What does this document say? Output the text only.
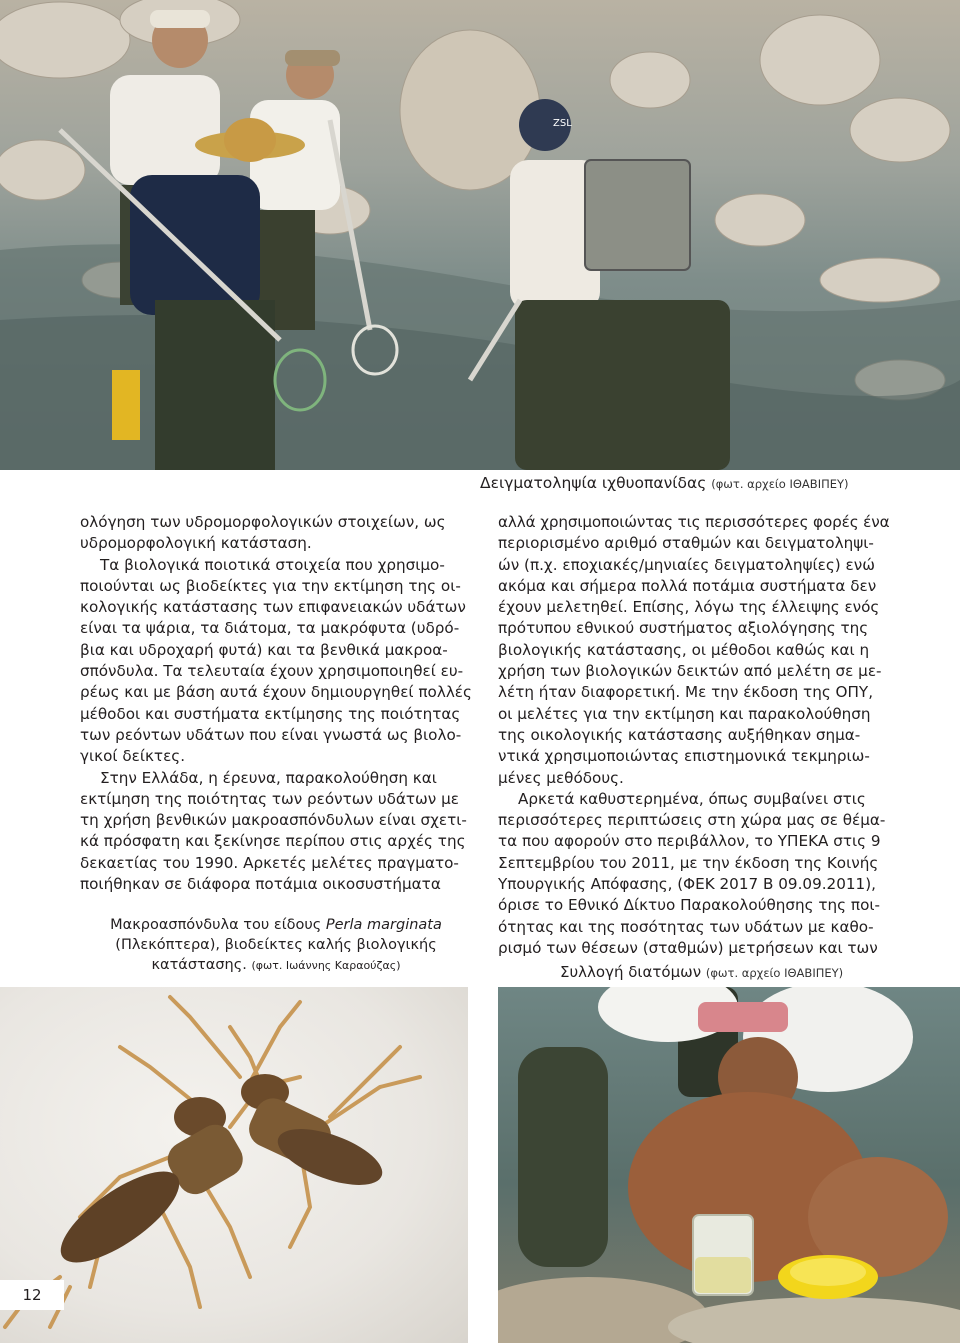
ZSL
Δειγματοληψία ιχθυοπανίδας (φωτ. αρχείο ΙΘΑΒΙΠΕΥ)
ολόγηση των υδρομορφολογικών στοιχείων, ως
υδρομορφολογική κατάσταση.
Τα βιολογικά ποιοτικά στοιχεία που χρησιμο-
ποιούνται ως βιοδείκτες για την εκτίμηση της οι-
κολογικής κατάστασης των επιφανειακών υδάτων
είναι τα ψάρια, τα διάτομα, τα μακρόφυτα (υδρό-
βια και υδροχαρή φυτά) και τα βενθικά μακροα-
σπόνδυλα. Τα τελευταία έχουν χρησιμοποιηθεί ευ-
ρέως και με βάση αυτά έχουν δημιουργηθεί πολλές
μέθοδοι και συστήματα εκτίμησης της ποιότητας
των ρεόντων υδάτων που είναι γνωστά ως βιολο-
γικοί δείκτες.
Στην Ελλάδα, η έρευνα, παρακολούθηση και
εκτίμηση της ποιότητας των ρεόντων υδάτων με
τη χρήση βενθικών μακροασπόνδυλων είναι σχετι-
κά πρόσφατη και ξεκίνησε περίπου στις αρχές της
δεκαετίας του 1990. Αρκετές μελέτες πραγματο-
ποιήθηκαν σε διάφορα ποτάμια οικοσυστήματα
Μακροασπόνδυλα του είδους Perla marginata
(Πλεκόπτερα), βιοδείκτες καλής βιολογικής
κατάστασης. (φωτ. Ιωάννης Καραούζας)
αλλά χρησιμοποιώντας τις περισσότερες φορές ένα
περιορισμένο αριθμό σταθμών και δειγματοληψι-
ών (π.χ. εποχιακές/μηνιαίες δειγματοληψίες) ενώ
ακόμα και σήμερα πολλά ποτάμια συστήματα δεν
έχουν μελετηθεί. Επίσης, λόγω της έλλειψης ενός
πρότυπου εθνικού συστήματος αξιολόγησης της
βιολογικής κατάστασης, οι μέθοδοι καθώς και η
χρήση των βιολογικών δεικτών από μελέτη σε με-
λέτη ήταν διαφορετική. Με την έκδοση της ΟΠΥ,
οι μελέτες για την εκτίμηση και παρακολούθηση
της οικολογικής κατάστασης αυξήθηκαν σημα-
ντικά χρησιμοποιώντας επιστημονικά τεκμηριω-
μένες μεθόδους.
Αρκετά καθυστερημένα, όπως συμβαίνει στις
περισσότερες περιπτώσεις στη χώρα μας σε θέμα-
τα που αφορούν στο περιβάλλον, το ΥΠΕΚΑ στις 9
Σεπτεμβρίου του 2011, με την έκδοση της Κοινής
Υπουργικής Απόφασης, (ΦΕΚ 2017 Β 09.09.2011),
όρισε το Εθνικό Δίκτυο Παρακολούθησης της ποι-
ότητας και της ποσότητας των υδάτων με καθο-
ρισμό των θέσεων (σταθμών) μετρήσεων και των
Συλλογή διατόμων (φωτ. αρχείο ΙΘΑΒΙΠΕΥ)
12
